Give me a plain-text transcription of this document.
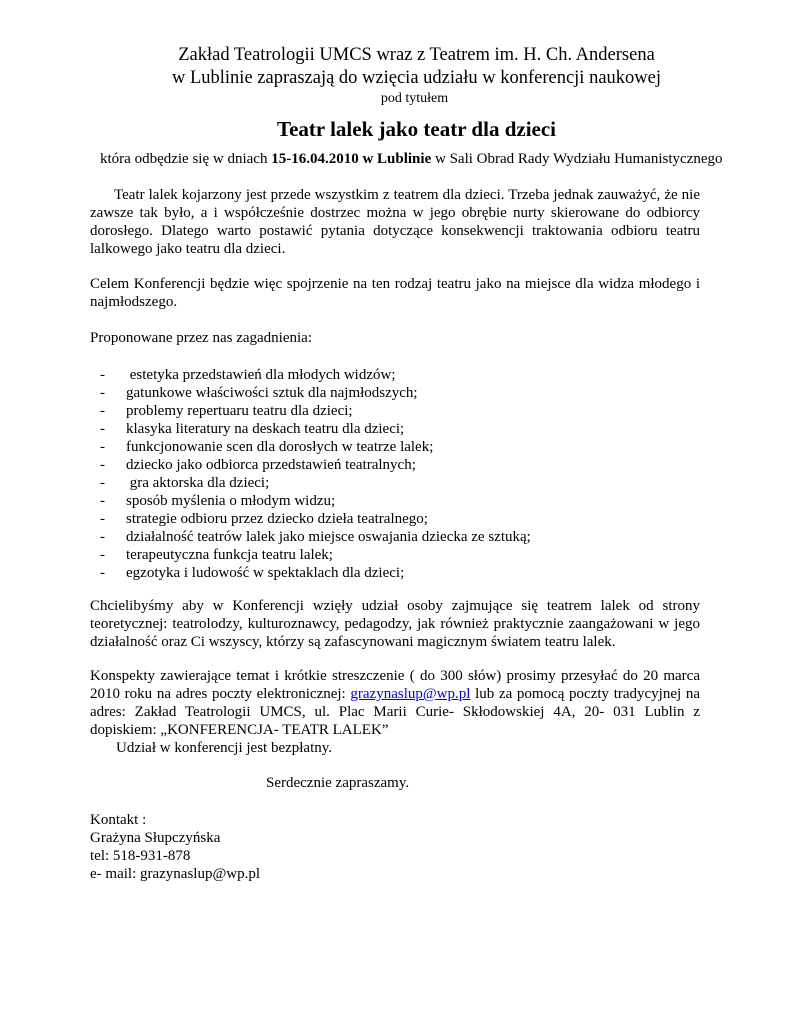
Zakład Teatrologii UMCS wraz z Teatrem im. H. Ch. Andersena
w Lublinie zapraszają do wzięcia udziału w konferencji naukowej
pod tytułem
Teatr lalek jako teatr dla dzieci
która odbędzie się w dniach 15-16.04.2010 w Lublinie w Sali Obrad Rady Wydziału Humanistycznego
Teatr lalek kojarzony jest przede wszystkim z teatrem dla dzieci. Trzeba jednak zauważyć, że nie zawsze tak było, a i współcześnie dostrzec można w jego obrębie nurty skierowane do odbiorcy dorosłego. Dlatego warto postawić pytania dotyczące konsekwencji traktowania odbioru teatru lalkowego jako teatru dla dzieci.
Celem Konferencji będzie więc spojrzenie na ten rodzaj teatru jako na miejsce dla widza młodego i najmłodszego.
Proponowane przez nas zagadnienia:
-	estetyka przedstawień dla młodych widzów;
-	gatunkowe właściwości sztuk dla najmłodszych;
-	problemy repertuaru teatru dla dzieci;
-	klasyka literatury na deskach teatru dla dzieci;
-	funkcjonowanie scen dla dorosłych w teatrze lalek;
-	dziecko jako odbiorca przedstawień teatralnych;
-	gra aktorska dla dzieci;
-	sposób myślenia o młodym widzu;
-	strategie odbioru przez dziecko dzieła teatralnego;
-	działalność teatrów lalek jako miejsce oswajania dziecka ze sztuką;
-	terapeutyczna funkcja teatru lalek;
-	egzotyka i ludowość w spektaklach dla dzieci;
Chcielibyśmy aby w Konferencji wzięły udział osoby zajmujące się teatrem lalek od strony teoretycznej: teatrolodzy, kulturoznawcy, pedagodzy, jak również praktycznie zaangażowani w jego działalność oraz Ci wszyscy, którzy są zafascynowani magicznym światem teatru lalek.
Konspekty zawierające temat i krótkie streszczenie ( do 300 słów) prosimy przesyłać do 20 marca 2010 roku na adres poczty elektronicznej: grazynaslup@wp.pl lub za pomocą poczty tradycyjnej na adres: Zakład Teatrologii UMCS, ul. Plac Marii Curie- Skłodowskiej 4A, 20- 031 Lublin z dopiskiem: „KONFERENCJA- TEATR LALEK”
Udział w konferencji jest bezpłatny.
Serdecznie zapraszamy.
Kontakt :
Grażyna Słupczyńska
tel: 518-931-878
e- mail: grazynaslup@wp.pl
